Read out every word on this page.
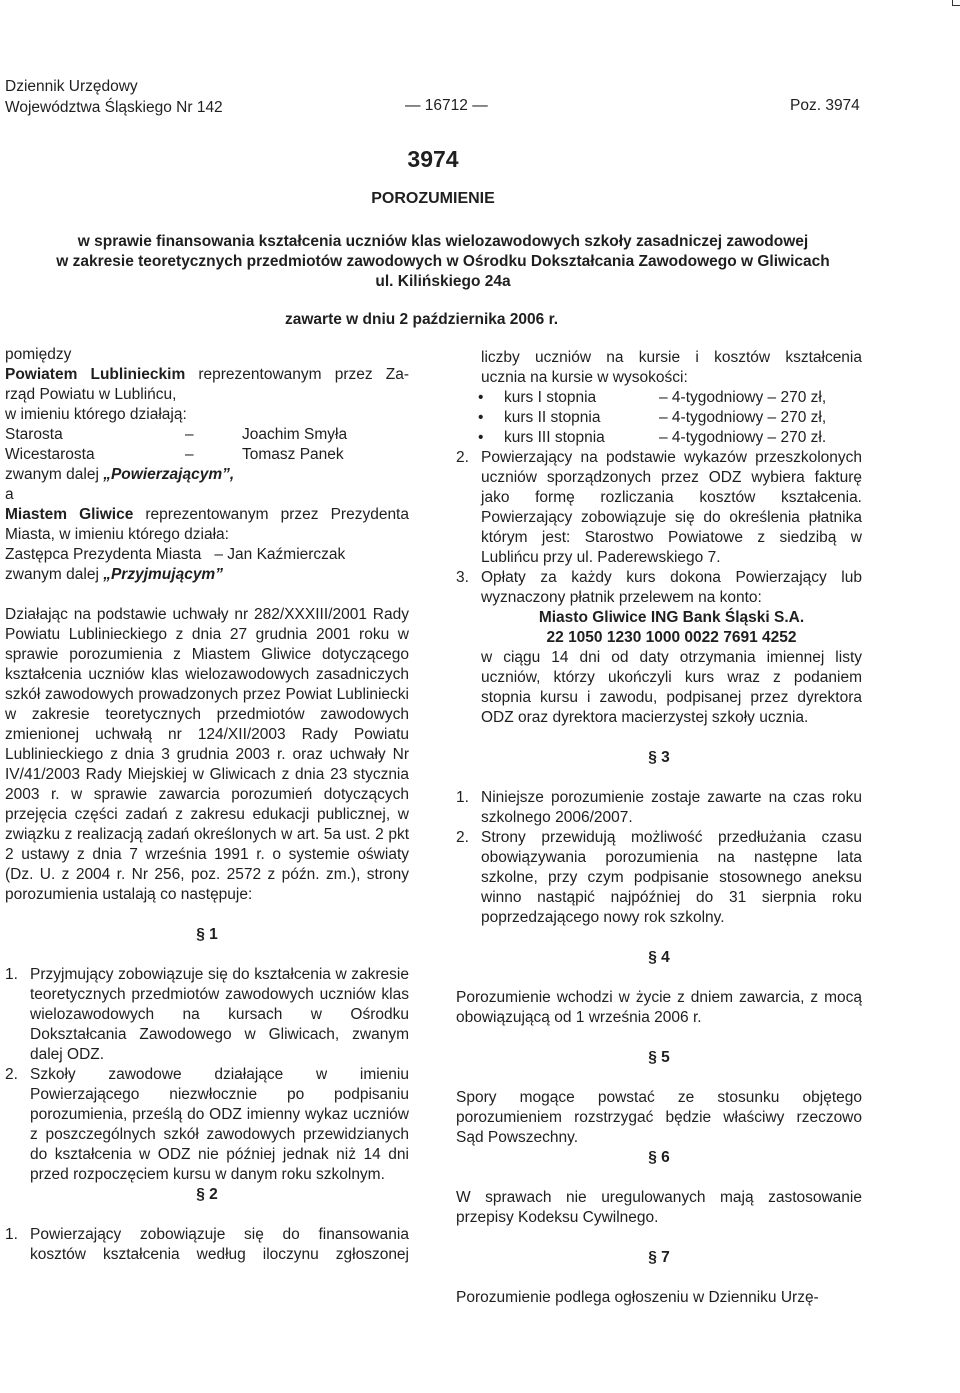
Dziennik Urzędowy
Województwa Śląskiego Nr 142	— 16712 —	Poz. 3974
3974
POROZUMIENIE
w sprawie finansowania kształcenia uczniów klas wielozawodowych szkoły zasadniczej zawodowej
w zakresie teoretycznych przedmiotów zawodowych w Ośrodku Dokształcania Zawodowego w Gliwicach
ul. Kilińskiego 24a
zawarte w dniu 2 października 2006 r.

pomiędzy

Powiatem Lublinieckim reprezentowanym przez Za-

rząd Powiatu w Lublińcu,

w imieniu którego działają:

Starosta	–	Joachim Smyła
Wicestarosta	–	Tomasz Panek

zwanym dalej „Powierzającym”,

a

Miastem Gliwice reprezentowanym przez Prezydenta

Miasta, w imieniu którego działa:

Zastępca Prezydenta Miasta   – Jan Kaźmierczak

zwanym dalej „Przyjmującym”

Działając na podstawie uchwały nr 282/XXXIII/2001 Rady Powiatu Lublinieckiego z dnia 27 grudnia 2001 roku w sprawie porozumienia z Miastem Gliwice dotyczącego kształcenia uczniów klas wielozawodowych zasadniczych szkół zawodowych prowadzonych przez Powiat Lubliniecki w zakresie teoretycznych przedmiotów zawodowych zmienionej uchwałą nr 124/XII/2003 Rady Powiatu Lublinieckiego z dnia 3 grudnia 2003 r. oraz uchwały Nr IV/41/2003 Rady Miejskiej w Gliwicach z dnia 23 stycznia 2003 r. w sprawie zawarcia porozumień dotyczących przejęcia części zadań z zakresu edukacji publicznej, w związku z realizacją zadań określonych w art. 5a ust. 2 pkt 2 ustawy z dnia 7 września 1991 r. o systemie oświaty (Dz. U. z 2004 r. Nr 256, poz. 2572 z późn. zm.), strony porozumienia ustalają co następuje:

§ 1

1. Przyjmujący zobowiązuje się do kształcenia w zakresie teoretycznych przedmiotów zawodowych uczniów klas wielozawodowych na kursach w Ośrodku Dokształcania Zawodowego w Gliwicach, zwanym dalej ODZ.
2. Szkoły zawodowe działające w imieniu Powierzającego niezwłocznie po podpisaniu porozumienia, prześlą do ODZ imienny wykaz uczniów z poszczególnych szkół zawodowych przewidzianych do kształcenia w ODZ nie później jednak niż 14 dni przed rozpoczęciem kursu w danym roku szkolnym.

§ 2

1. Powierzający zobowiązuje się do finansowania kosztów kształcenia według iloczynu zgłoszonej

liczby uczniów na kursie i kosztów kształcenia

ucznia na kursie w wysokości:

• kurs I stopnia	– 4-tygodniowy – 270 zł,
• kurs II stopnia	– 4-tygodniowy – 270 zł,
• kurs III stopnia	– 4-tygodniowy – 270 zł.
2. Powierzający na podstawie wykazów przeszkolonych uczniów sporządzonych przez ODZ wybiera fakturę jako formę rozliczania kosztów kształcenia. Powierzający zobowiązuje się do określenia płatnika którym jest: Starostwo Powiatowe z siedzibą w Lublińcu przy ul. Paderewskiego 7.
3. Opłaty za każdy kurs dokona Powierzający lub wyznaczony płatnik przelewem na konto:

Miasto Gliwice ING Bank Śląski S.A.

22 1050 1230 1000 0022 7691 4252

w ciągu 14 dni od daty otrzymania imiennej listy uczniów, którzy ukończyli kurs wraz z podaniem stopnia kursu i zawodu, podpisanej przez dyrektora ODZ oraz dyrektora macierzystej szkoły ucznia.

§ 3

1. Niniejsze porozumienie zostaje zawarte na czas roku szkolnego 2006/2007.
2. Strony przewidują możliwość przedłużania czasu obowiązywania porozumienia na następne lata szkolne, przy czym podpisanie stosownego aneksu winno nastąpić najpóźniej do 31 sierpnia roku poprzedzającego nowy rok szkolny.

§ 4

Porozumienie wchodzi w życie z dniem zawarcia, z mocą obowiązującą od 1 września 2006 r.

§ 5

Spory mogące powstać ze stosunku objętego porozumieniem rozstrzygać będzie właściwy rzeczowo Sąd Powszechny.

§ 6

W sprawach nie uregulowanych mają zastosowanie przepisy Kodeksu Cywilnego.

§ 7

Porozumienie podlega ogłoszeniu w Dzienniku Urzę-
